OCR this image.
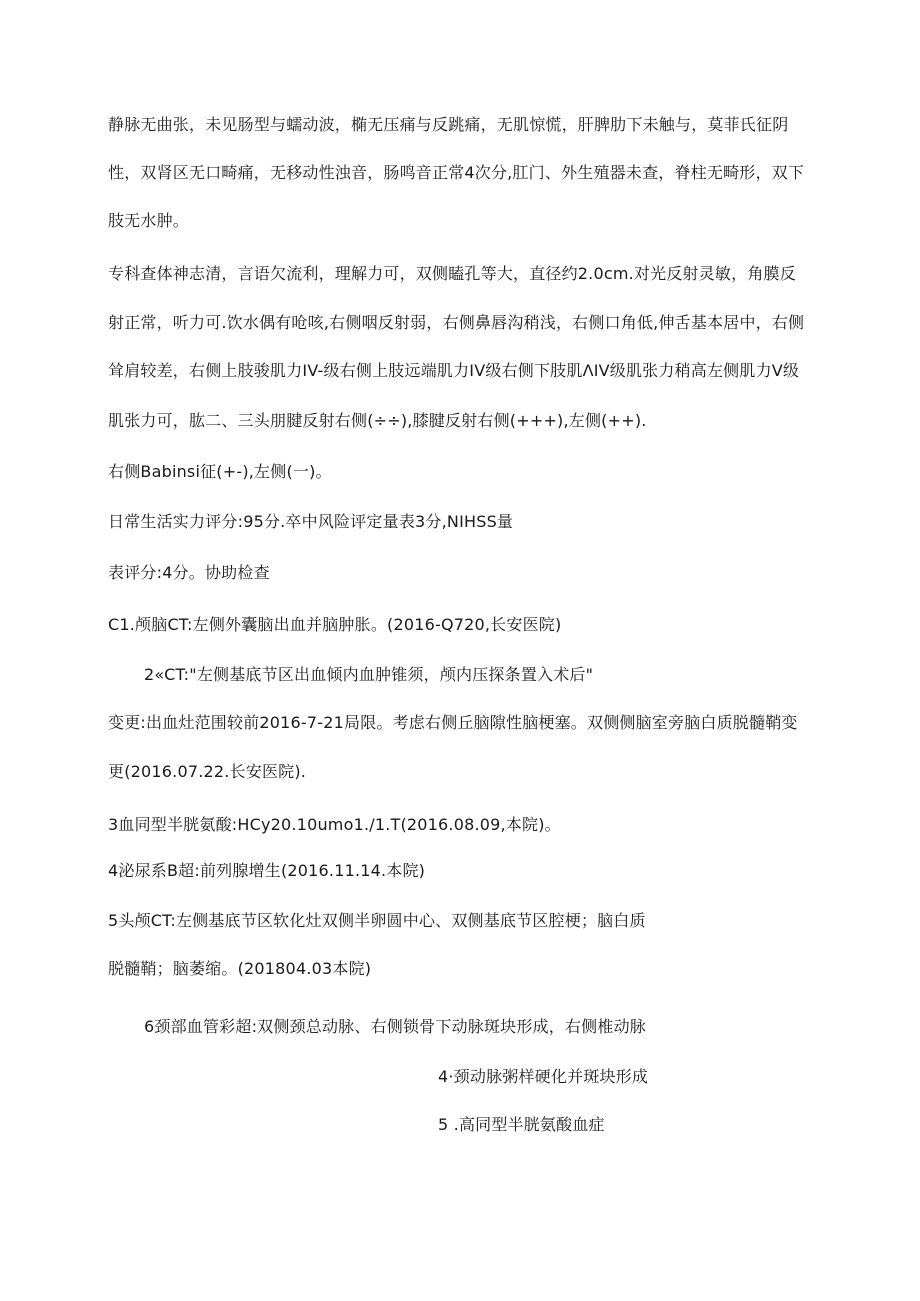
静脉无曲张，未见肠型与蠕动波，椭无压痛与反跳痛，无肌惊慌，肝脾肋下未触与，莫菲氏征阴
性，双肾区无口畸痛，无移动性浊音，肠鸣音正常4次分,肛门、外生殖器未查，脊柱无畸形，双下
肢无水肿。
专科查体神志清，言语欠流利，理解力可，双侧瞌孔等大，直径约2.0cm.对光反射灵敏，角膜反
射正常，听力可.饮水偶有呛咳,右侧咽反射弱，右侧鼻唇沟稍浅，右侧口角低,伸舌基本居中，右侧
耸肩较差，右侧上肢骏肌力IV-级右侧上肢远端肌力IV级右侧下肢肌ΛIV级肌张力稍高左侧肌力V级
肌张力可，肱二、三头朋腱反射右侧(÷÷),膝腱反射右侧(+++),左侧(++).
右侧Babinsi征(+-),左侧(一)。
日常生活实力评分:95分.卒中风险评定量表3分,NIHSS量
表评分:4分。协助检查
C1.颅脑CT:左侧外囊脑出血并脑肿胀。(2016-Q720,长安医院)
2«CT:"左侧基底节区出血倾内血肿锥须，颅内压探条置入术后"
变更:出血灶范围较前2016-7-21局限。考虑右侧丘脑隙性脑梗塞。双侧侧脑室旁脑白质脱髓鞘变
更(2016.07.22.长安医院).
3血同型半胱氨酸:HCy20.10umo1./1.T(2016.08.09,本院)。
4泌尿系B超:前列腺增生(2016.11.14.本院)
5头颅CT:左侧基底节区软化灶双侧半卵圆中心、双侧基底节区腔梗；脑白质
脱髓鞘；脑萎缩。(201804.03本院)
6颈部血管彩超:双侧颈总动脉、右侧锁骨下动脉斑块形成，右侧椎动脉
4·颈动脉粥样硬化并斑块形成
5 .高同型半胱氨酸血症
